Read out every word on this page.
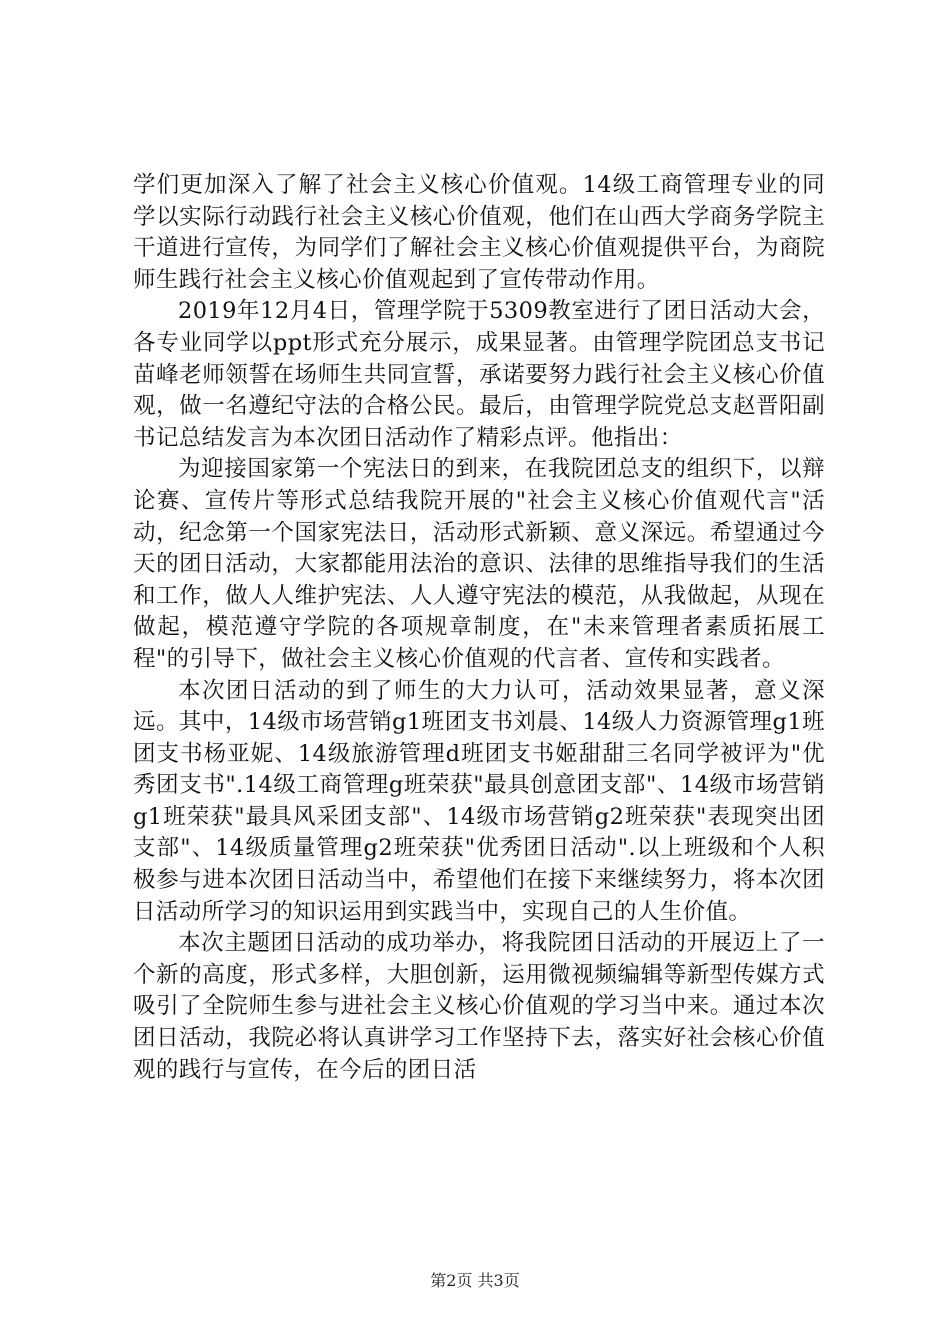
学们更加深入了解了社会主义核心价值观。14级工商管理专业的同学以实际行动践行社会主义核心价值观，他们在山西大学商务学院主干道进行宣传，为同学们了解社会主义核心价值观提供平台，为商院师生践行社会主义核心价值观起到了宣传带动作用。

2019年12月4日，管理学院于5309教室进行了团日活动大会，各专业同学以ppt形式充分展示，成果显著。由管理学院团总支书记苗峰老师领誓在场师生共同宣誓，承诺要努力践行社会主义核心价值观，做一名遵纪守法的合格公民。最后，由管理学院党总支赵晋阳副书记总结发言为本次团日活动作了精彩点评。他指出：

为迎接国家第一个宪法日的到来，在我院团总支的组织下，以辩论赛、宣传片等形式总结我院开展的"社会主义核心价值观代言"活动，纪念第一个国家宪法日，活动形式新颖、意义深远。希望通过今天的团日活动，大家都能用法治的意识、法律的思维指导我们的生活和工作，做人人维护宪法、人人遵守宪法的模范，从我做起，从现在做起，模范遵守学院的各项规章制度，在"未来管理者素质拓展工程"的引导下，做社会主义核心价值观的代言者、宣传和实践者。

本次团日活动的到了师生的大力认可，活动效果显著，意义深远。其中，14级市场营销g1班团支书刘晨、14级人力资源管理g1班团支书杨亚妮、14级旅游管理d班团支书姬甜甜三名同学被评为"优秀团支书".14级工商管理g班荣获"最具创意团支部"、14级市场营销g1班荣获"最具风采团支部"、14级市场营销g2班荣获"表现突出团支部"、14级质量管理g2班荣获"优秀团日活动".以上班级和个人积极参与进本次团日活动当中，希望他们在接下来继续努力，将本次团日活动所学习的知识运用到实践当中，实现自己的人生价值。

本次主题团日活动的成功举办，将我院团日活动的开展迈上了一个新的高度，形式多样，大胆创新，运用微视频编辑等新型传媒方式吸引了全院师生参与进社会主义核心价值观的学习当中来。通过本次团日活动，我院必将认真讲学习工作坚持下去，落实好社会核心价值观的践行与宣传，在今后的团日活

第2页 共3页
